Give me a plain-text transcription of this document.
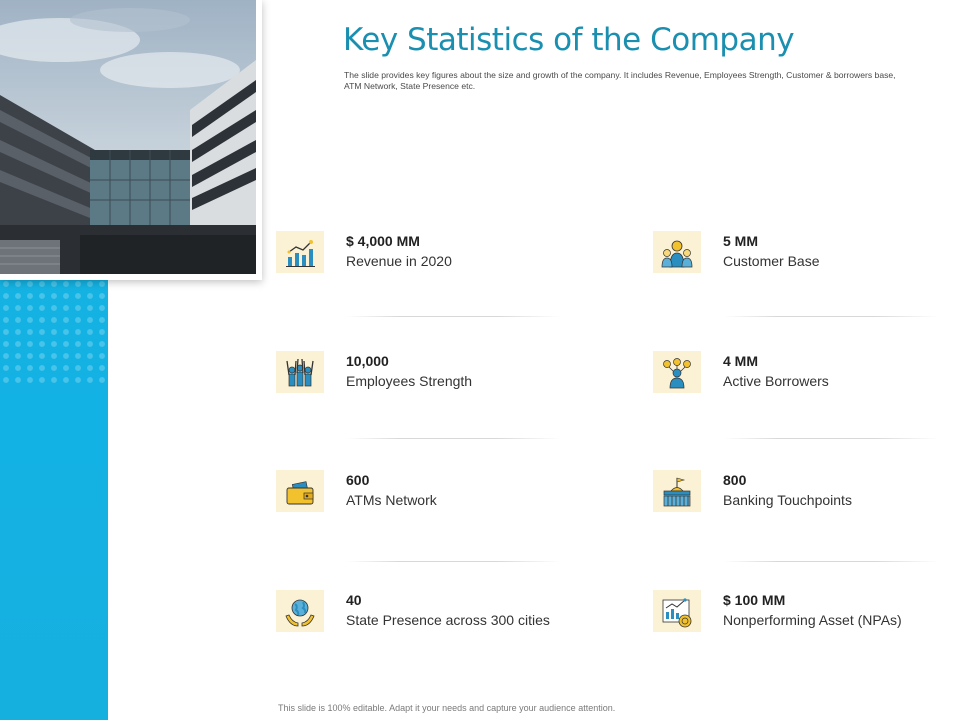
Key Statistics of the Company

The slide provides key figures about the size and growth of the company. It includes Revenue, Employees Strength, Customer & borrowers base, ATM Network, State Presence etc.

$ 4,000 MM
Revenue in 2020
5 MM
Customer Base
10,000
Employees Strength
4 MM
Active Borrowers
600
ATMs Network
800
Banking Touchpoints
40
State Presence across 300 cities
$ 100 MM
Nonperforming Asset (NPAs)
This slide is 100% editable. Adapt it your needs and capture your audience attention.
